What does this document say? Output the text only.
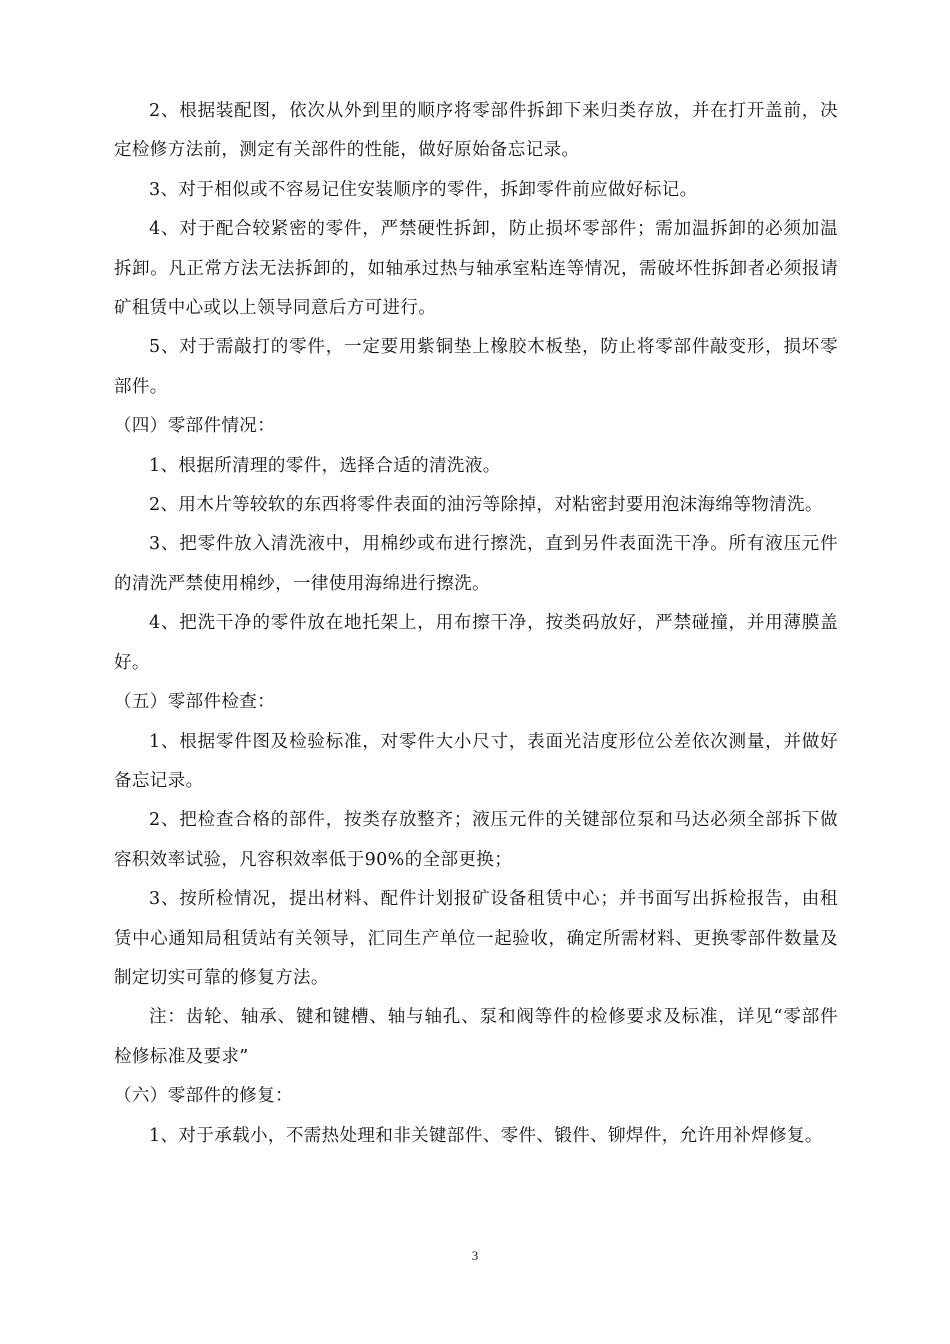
2、根据装配图，依次从外到里的顺序将零部件拆卸下来归类存放，并在打开盖前，决定检修方法前，测定有关部件的性能，做好原始备忘记录。

3、对于相似或不容易记住安装顺序的零件，拆卸零件前应做好标记。

4、对于配合较紧密的零件，严禁硬性拆卸，防止损坏零部件；需加温拆卸的必须加温拆卸。凡正常方法无法拆卸的，如轴承过热与轴承室粘连等情况，需破坏性拆卸者必须报请矿租赁中心或以上领导同意后方可进行。

5、对于需敲打的零件，一定要用紫铜垫上橡胶木板垫，防止将零部件敲变形，损坏零部件。

（四）零部件情况：

1、根据所清理的零件，选择合适的清洗液。

2、用木片等较软的东西将零件表面的油污等除掉，对粘密封要用泡沫海绵等物清洗。

3、把零件放入清洗液中，用棉纱或布进行擦洗，直到另件表面洗干净。所有液压元件的清洗严禁使用棉纱，一律使用海绵进行擦洗。

4、把洗干净的零件放在地托架上，用布擦干净，按类码放好，严禁碰撞，并用薄膜盖好。

（五）零部件检查：

1、根据零件图及检验标准，对零件大小尺寸，表面光洁度形位公差依次测量，并做好备忘记录。

2、把检查合格的部件，按类存放整齐；液压元件的关键部位泵和马达必须全部拆下做容积效率试验，凡容积效率低于90%的全部更换；

3、按所检情况，提出材料、配件计划报矿设备租赁中心；并书面写出拆检报告，由租赁中心通知局租赁站有关领导，汇同生产单位一起验收，确定所需材料、更换零部件数量及制定切实可靠的修复方法。

注：齿轮、轴承、键和键槽、轴与轴孔、泵和阀等件的检修要求及标准，详见“零部件检修标准及要求”

（六）零部件的修复：

1、对于承载小，不需热处理和非关键部件、零件、锻件、铆焊件，允许用补焊修复。

3
